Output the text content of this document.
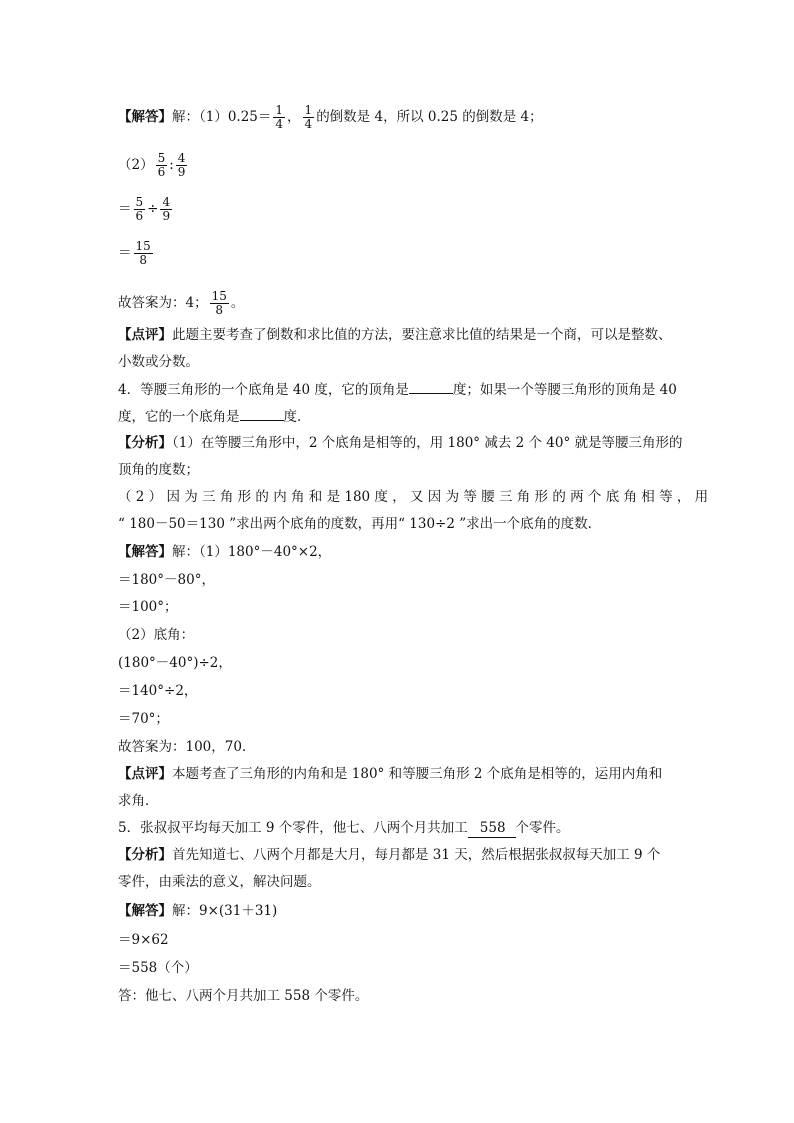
【解答】解：$(1)0.25= \frac{1}{4}$ ， $\frac{1}{4}$ 的倒数是 4，所以 0.25 的倒数是 4；
$(2) \frac{5}{6}$ : $\frac{4}{9}$
＝ $\frac{5}{6} \div \frac{4}{9}$
＝ $\frac{15}{8}$
故答案为：4； $\frac{15}{8}$ 。
【点评】此题主要考查了倒数和求比值的方法，要注意求比值的结果是一个商，可以是整数、
小数或分数。
4．等腰三角形的一个底角是 40 度，它的顶角是	度；如果一个等腰三角形的顶角是 40
度，它的一个底角是	度．
【分析】（1）在等腰三角形中，2 个底角是相等的，用 180° 减去 2 个 40° 就是等腰三角形的
顶角的度数；
（ 2 ） 因 为 三 角 形 的 内 角 和 是 180 度 ， 又 因 为 等 腰 三 角 形 的 两 个 底 角 相 等 ， 用
“ 180－50＝130 ”求出两个底角的度数，再用“ 130÷2 ”求出一个底角的度数．
【解答】解：（1）180°－40°×2，
＝180°－80°，
＝100°；
（2）底角：
(180°－40°)÷2，
＝140°÷2，
＝70°；
故答案为：100，70．
【点评】本题考查了三角形的内角和是 180° 和等腰三角形 2 个底角是相等的，运用内角和
求角．
5．张叔叔平均每天加工 9 个零件，他七、八两个月共加工 558 个零件。
【分析】首先知道七、八两个月都是大月，每月都是 31 天，然后根据张叔叔每天加工 9 个
零件，由乘法的意义，解决问题。
【解答】解：9×(31＋31)
＝9×62
＝558（个）
答：他七、八两个月共加工 558 个零件。
